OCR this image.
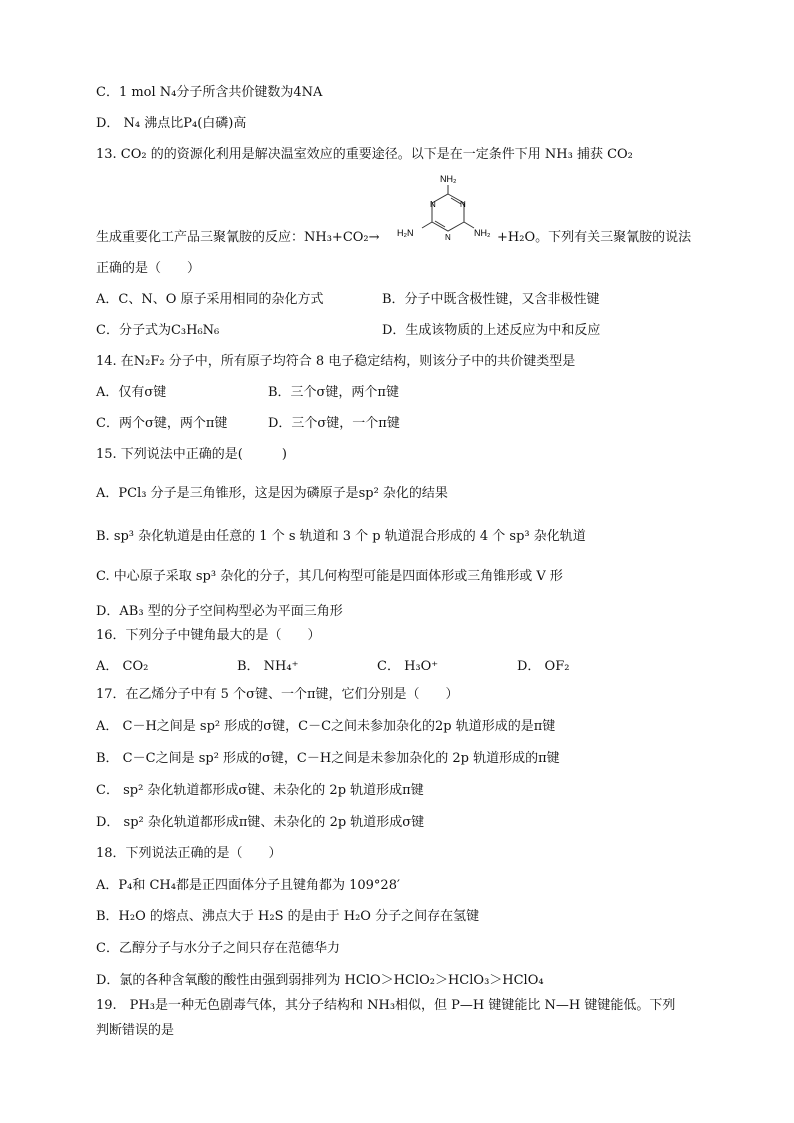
C．1 mol N₄分子所含共价键数为4NA
D． N₄ 沸点比P₄(白磷)高
13. CO₂ 的的资源化利用是解决温室效应的重要途径。以下是在一定条件下用 NH₃ 捕获 CO₂
NH₂
N
N
N
H₂N	NH₂
生成重要化工产品三聚氰胺的反应：NH₃+CO₂→	+H₂O。下列有关三聚氰胺的说法
正确的是（　　）
A．C、N、O 原子采用相同的杂化方式	B．分子中既含极性键，又含非极性键
C．分子式为C₃H₆N₆	D．生成该物质的上述反应为中和反应
14. 在N₂F₂ 分子中，所有原子均符合 8 电子稳定结构，则该分子中的共价键类型是
A．仅有σ键	B．三个σ键，两个π键
C．两个σ键，两个π键	D．三个σ键，一个π键
15. 下列说法中正确的是(　　　)
A．PCl₃ 分子是三角锥形，这是因为磷原子是sp² 杂化的结果
B. sp³ 杂化轨道是由任意的 1 个 s 轨道和 3 个 p 轨道混合形成的 4 个 sp³ 杂化轨道
C. 中心原子采取 sp³ 杂化的分子，其几何构型可能是四面体形或三角锥形或 V 形
D．AB₃ 型的分子空间构型必为平面三角形
16．下列分子中键角最大的是（　　）
A． CO₂	B． NH₄⁺	C． H₃O⁺	D． OF₂
17．在乙烯分子中有 5 个σ键、一个π键，它们分别是（　　）
A． C－H之间是 sp² 形成的σ键，C－C之间未参加杂化的2p 轨道形成的是π键
B． C－C之间是 sp² 形成的σ键，C－H之间是未参加杂化的 2p 轨道形成的π键
C． sp² 杂化轨道都形成σ键、未杂化的 2p 轨道形成π键
D． sp² 杂化轨道都形成π键、未杂化的 2p 轨道形成σ键
18．下列说法正确的是（　　）
A．P₄和 CH₄都是正四面体分子且键角都为 109°28′
B．H₂O 的熔点、沸点大于 H₂S 的是由于 H₂O 分子之间存在氢键
C．乙醇分子与水分子之间只存在范德华力
D．氯的各种含氧酸的酸性由强到弱排列为 HClO＞HClO₂＞HClO₃＞HClO₄
19.　PH₃是一种无色剧毒气体，其分子结构和 NH₃相似，但 P—H 键键能比 N—H 键键能低。下列
判断错误的是
